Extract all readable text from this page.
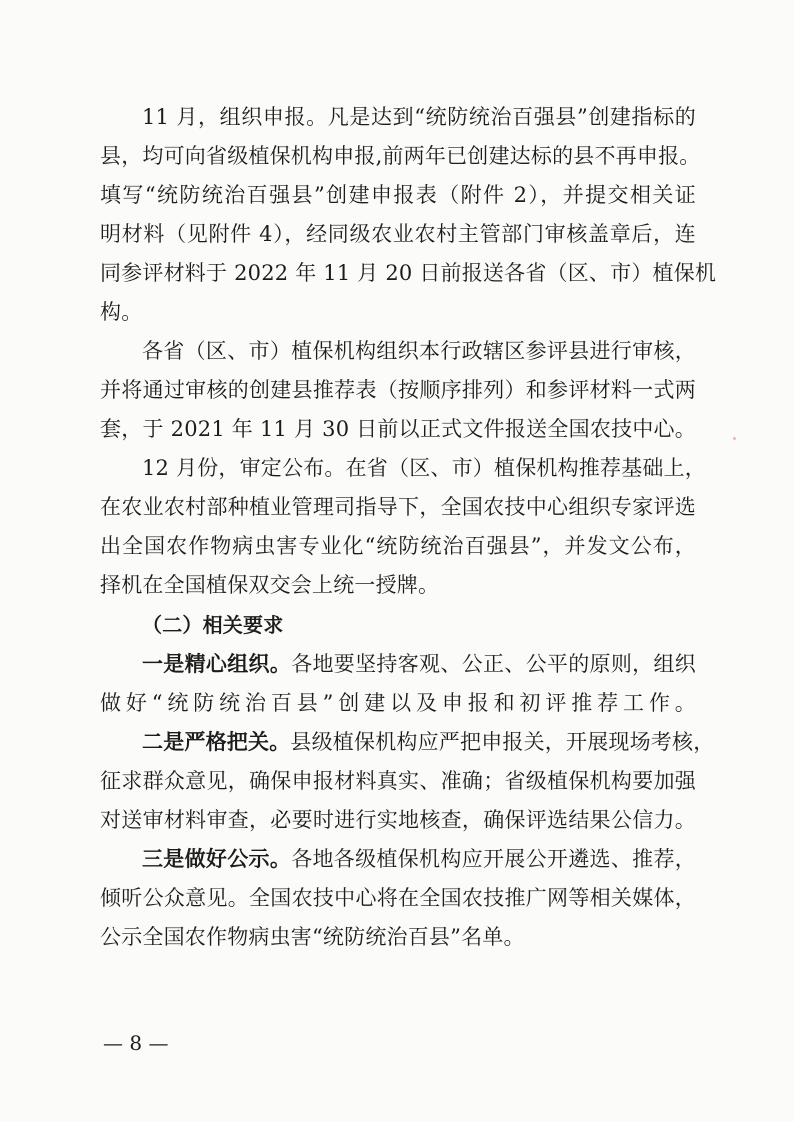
11 月，组织申报。凡是达到“统防统治百强县”创建指标的
县，均可向省级植保机构申报,前两年已创建达标的县不再申报。
填写“统防统治百强县”创建申报表（附件 2），并提交相关证
明材料（见附件 4），经同级农业农村主管部门审核盖章后，连
同参评材料于 2022 年 11 月 20 日前报送各省（区、市）植保机
构。
各省（区、市）植保机构组织本行政辖区参评县进行审核，
并将通过审核的创建县推荐表（按顺序排列）和参评材料一式两
套，于 2021 年 11 月 30 日前以正式文件报送全国农技中心。
12 月份，审定公布。在省（区、市）植保机构推荐基础上，
在农业农村部种植业管理司指导下，全国农技中心组织专家评选
出全国农作物病虫害专业化“统防统治百强县”，并发文公布，
择机在全国植保双交会上统一授牌。
（二）相关要求
一是精心组织。各地要坚持客观、公正、公平的原则，组织
做好“统防统治百县”创建以及申报和初评推荐工作。
二是严格把关。县级植保机构应严把申报关，开展现场考核，
征求群众意见，确保申报材料真实、准确；省级植保机构要加强
对送审材料审查，必要时进行实地核查，确保评选结果公信力。
三是做好公示。各地各级植保机构应开展公开遴选、推荐，
倾听公众意见。全国农技中心将在全国农技推广网等相关媒体，
公示全国农作物病虫害“统防统治百县”名单。
— 8 —
